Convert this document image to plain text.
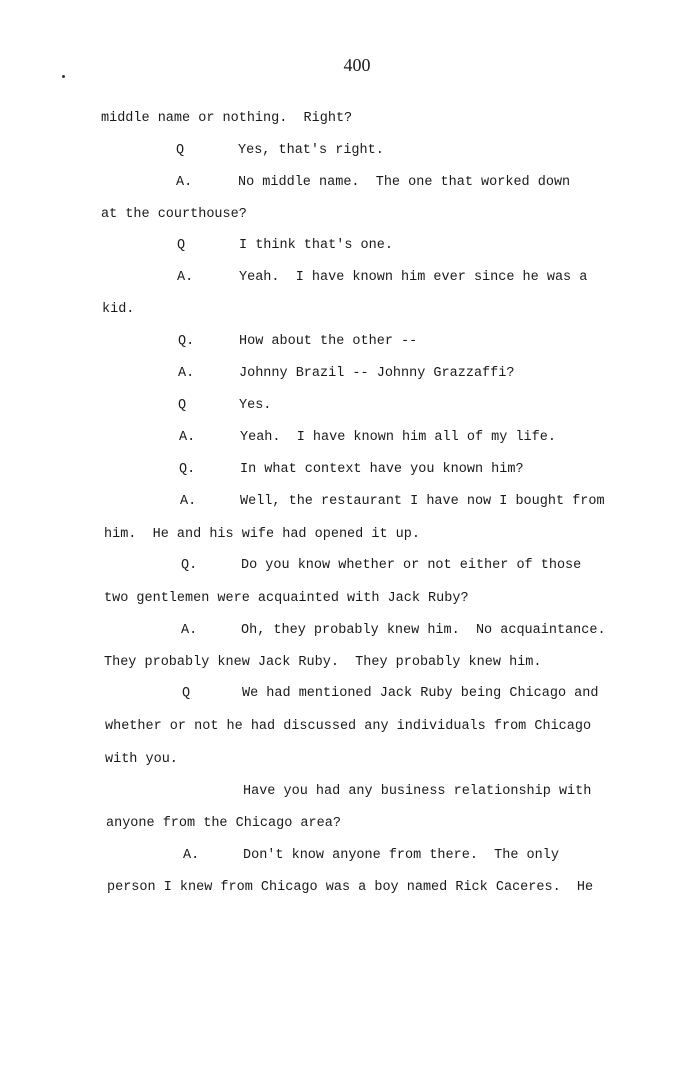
400
middle name or nothing.  Right?
Q	Yes, that's right.
A.	No middle name.  The one that worked down
at the courthouse?
Q	I think that's one.
A.	Yeah.  I have known him ever since he was a
kid.
Q.	How about the other --
A.	Johnny Brazil -- Johnny Grazzaffi?
Q	Yes.
A.	Yeah.  I have known him all of my life.
Q.	In what context have you known him?
A.	Well, the restaurant I have now I bought from
him.  He and his wife had opened it up.
Q.	Do you know whether or not either of those
two gentlemen were acquainted with Jack Ruby?
A.	Oh, they probably knew him.  No acquaintance.
They probably knew Jack Ruby.  They probably knew him.
Q	We had mentioned Jack Ruby being Chicago and
whether or not he had discussed any individuals from Chicago
with you.
Have you had any business relationship with
anyone from the Chicago area?
A.	Don't know anyone from there.  The only
person I knew from Chicago was a boy named Rick Caceres.  He
